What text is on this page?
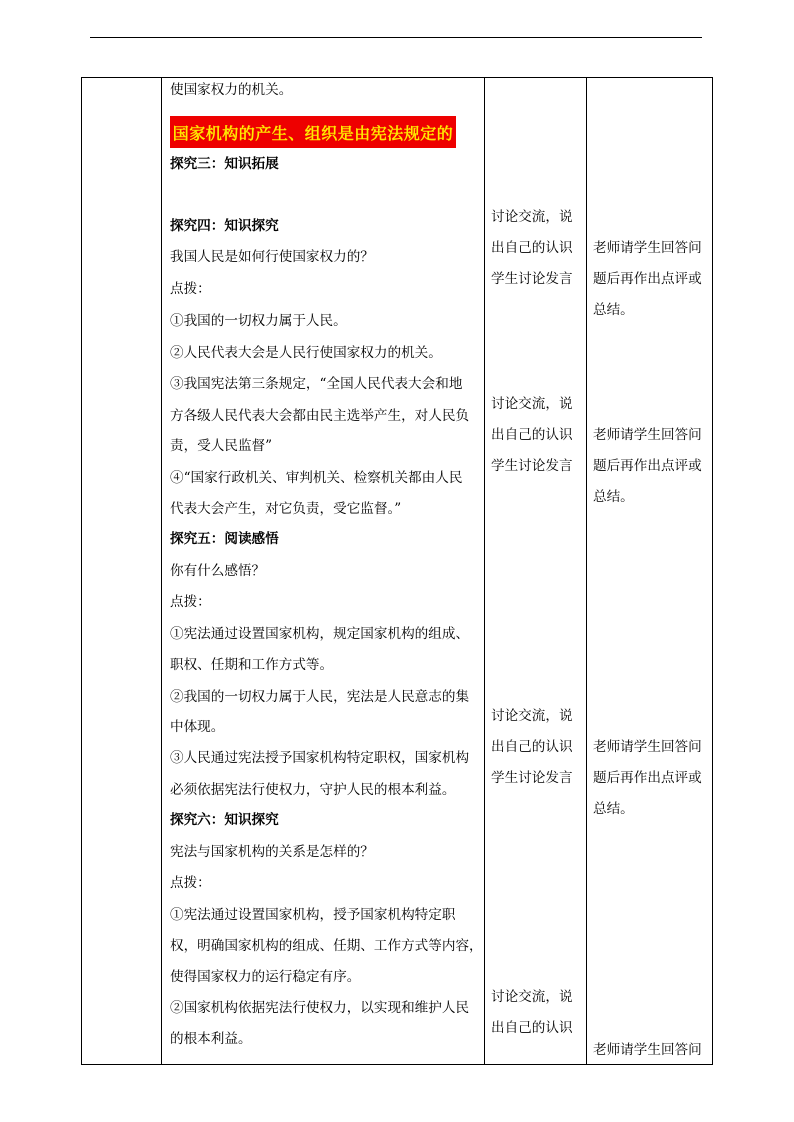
使国家权力的机关。
国家机构的产生、组织是由宪法规定的
探究三：知识拓展
探究四：知识探究
我国人民是如何行使国家权力的？
点拨：
①我国的一切权力属于人民。
②人民代表大会是人民行使国家权力的机关。
③我国宪法第三条规定，“全国人民代表大会和地
方各级人民代表大会都由民主选举产生，对人民负
责，受人民监督”
④“国家行政机关、审判机关、检察机关都由人民
代表大会产生，对它负责，受它监督。”
探究五：阅读感悟
你有什么感悟？
点拨：
①宪法通过设置国家机构，规定国家机构的组成、
职权、任期和工作方式等。
②我国的一切权力属于人民，宪法是人民意志的集
中体现。
③人民通过宪法授予国家机构特定职权，国家机构
必须依据宪法行使权力，守护人民的根本利益。
探究六：知识探究
宪法与国家机构的关系是怎样的？
点拨：
①宪法通过设置国家机构，授予国家机构特定职
权，明确国家机构的组成、任期、工作方式等内容，
使得国家权力的运行稳定有序。
②国家机构依据宪法行使权力，以实现和维护人民
的根本利益。
讨论交流，说
出自己的认识
学生讨论发言
讨论交流，说
出自己的认识
学生讨论发言
讨论交流，说
出自己的认识
学生讨论发言
讨论交流，说
出自己的认识
老师请学生回答问
题后再作出点评或
总结。
老师请学生回答问
题后再作出点评或
总结。
老师请学生回答问
题后再作出点评或
总结。
老师请学生回答问
